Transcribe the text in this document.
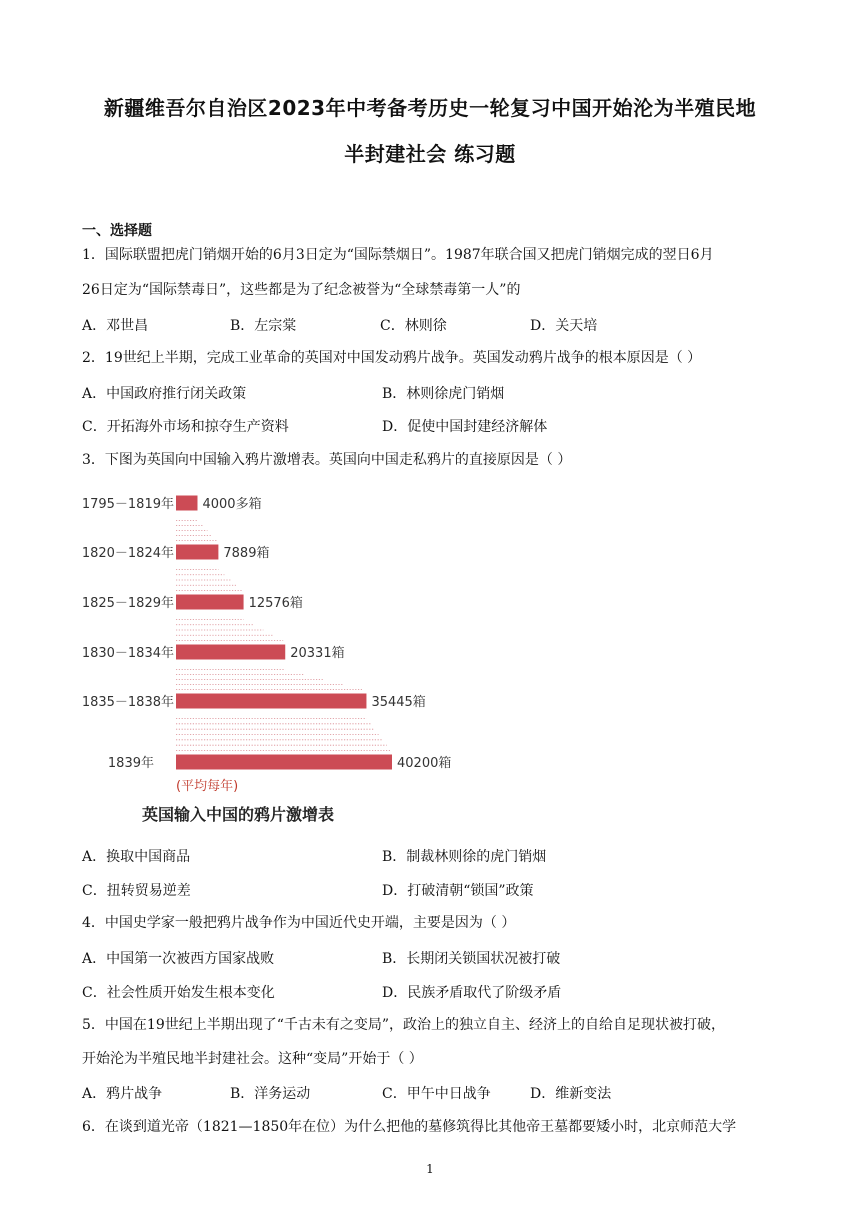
新疆维吾尔自治区2023年中考备考历史一轮复习中国开始沦为半殖民地
半封建社会 练习题
一、选择题
1．国际联盟把虎门销烟开始的6月3日定为“国际禁烟日”。1987年联合国又把虎门销烟完成的翌日6月
26日定为“国际禁毒日”，这些都是为了纪念被誉为“全球禁毒第一人”的
A．邓世昌	B．左宗棠	C．林则徐	D．关天培
2．19世纪上半期，完成工业革命的英国对中国发动鸦片战争。英国发动鸦片战争的根本原因是（ ）
A．中国政府推行闭关政策	B．林则徐虎门销烟
C．开拓海外市场和掠夺生产资料	D．促使中国封建经济解体
3．下图为英国向中国输入鸦片激增表。英国向中国走私鸦片的直接原因是（ ）
1795－1819年 4000多箱
1820－1824年	7889箱
1825－1829年	12576箱
1830－1834年	20331箱
1835－1838年	35445箱
1839年	40200箱
(平均每年)
英国输入中国的鸦片激增表
A．换取中国商品	B．制裁林则徐的虎门销烟
C．扭转贸易逆差	D．打破清朝“锁国”政策
4．中国史学家一般把鸦片战争作为中国近代史开端，主要是因为（ ）
A．中国第一次被西方国家战败	B．长期闭关锁国状况被打破
C．社会性质开始发生根本变化	D．民族矛盾取代了阶级矛盾
5．中国在19世纪上半期出现了“千古未有之变局”，政治上的独立自主、经济上的自给自足现状被打破，
开始沦为半殖民地半封建社会。这种“变局”开始于（ ）
A．鸦片战争	B．洋务运动	C．甲午中日战争	D．维新变法
6．在谈到道光帝（1821—1850年在位）为什么把他的墓修筑得比其他帝王墓都要矮小时，北京师范大学
1
